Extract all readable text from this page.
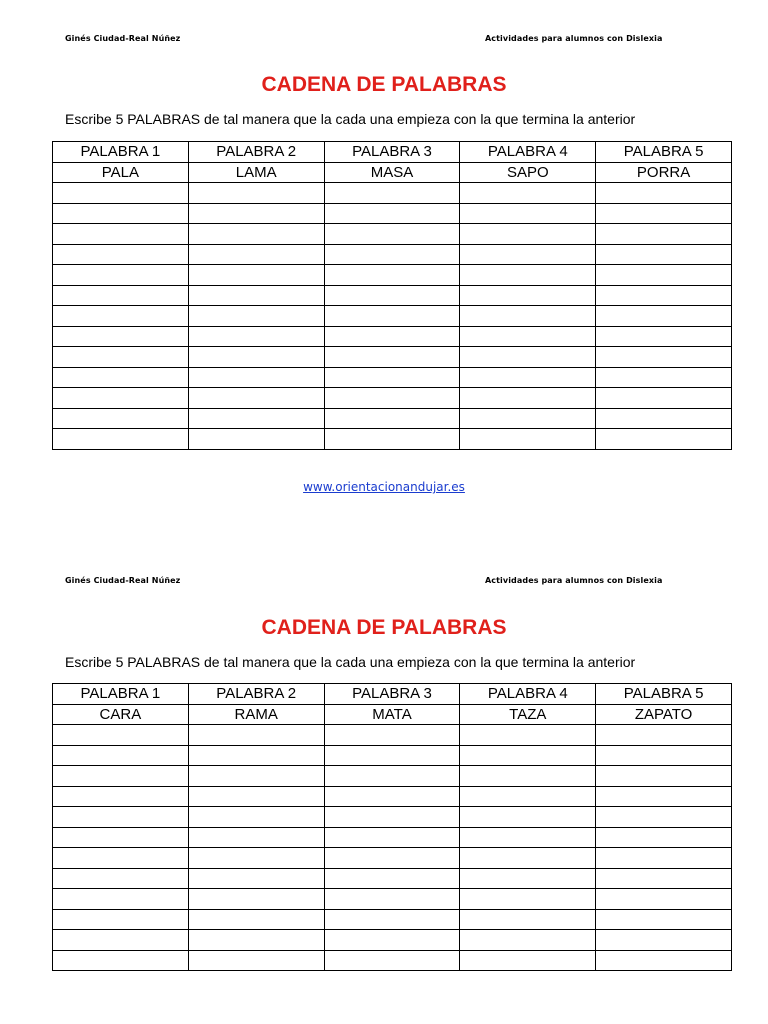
Ginés Ciudad-Real Núñez	Actividades para alumnos con Dislexia
CADENA DE PALABRAS
Escribe 5 PALABRAS de tal manera que la cada una empieza con la que termina la anterior
PALABRA 1	PALABRA 2	PALABRA 3	PALABRA 4	PALABRA 5
PALA	LAMA	MASA	SAPO	PORRA

www.orientacionandujar.es
Ginés Ciudad-Real Núñez	Actividades para alumnos con Dislexia
CADENA DE PALABRAS
Escribe 5 PALABRAS de tal manera que la cada una empieza con la que termina la anterior
PALABRA 1	PALABRA 2	PALABRA 3	PALABRA 4	PALABRA 5
CARA	RAMA	MATA	TAZA	ZAPATO
